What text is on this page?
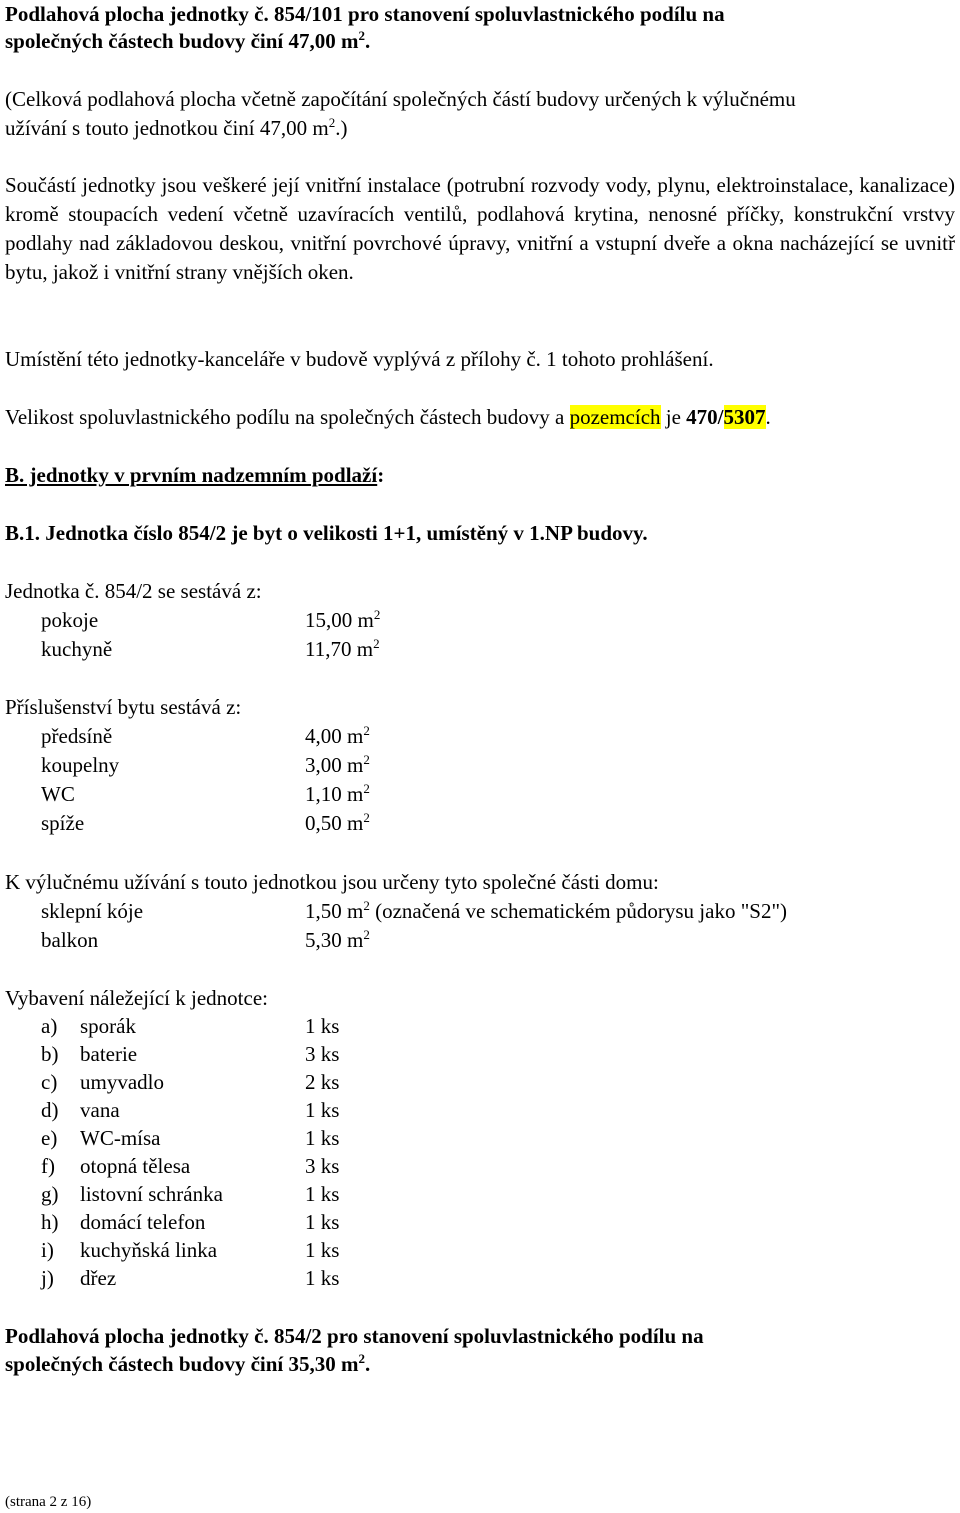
Podlahová plocha jednotky č. 854/101 pro stanovení spoluvlastnického podílu na
společných částech budovy činí 47,00 $m^2$.
(Celková podlahová plocha včetně započítání společných částí budovy určených k výlučnému
užívání s touto jednotkou činí 47,00 $m^2$.)
Součástí jednotky jsou veškeré její vnitřní instalace (potrubní rozvody vody, plynu, elektroinstalace, kanalizace) kromě stoupacích vedení včetně uzavíracích ventilů, podlahová krytina, nenosné příčky, konstrukční vrstvy podlahy nad základovou deskou, vnitřní povrchové úpravy, vnitřní a vstupní dveře a okna nacházející se uvnitř bytu, jakož i vnitřní strany vnějších oken.
Umístění této jednotky-kanceláře v budově vyplývá z přílohy č. 1 tohoto prohlášení.
Velikost spoluvlastnického podílu na společných částech budovy a pozemcích je 470/5307.
B. jednotky v prvním nadzemním podlaží:
B.1. Jednotka číslo 854/2 je byt o velikosti 1+1, umístěný v 1.NP budovy.
Jednotka č. 854/2 se sestává z:
pokoje	15,00 $m^2$
kuchyně	11,70 $m^2$
Příslušenství bytu sestává z:
předsíně	4,00 $m^2$
koupelny	3,00 $m^2$
WC	1,10 $m^2$
spíže	0,50 $m^2$
K výlučnému užívání s touto jednotkou jsou určeny tyto společné části domu:
sklepní kóje	1,50 $m^2$ (označená ve schematickém půdorysu jako "S2")
balkon	5,30 $m^2$
Vybavení náležející k jednotce:
a) sporák	1 ks
b) baterie	3 ks
c) umyvadlo	2 ks
d) vana	1 ks
e) WC-mísa	1 ks
f) otopná tělesa	3 ks
g) listovní schránka	1 ks
h) domácí telefon	1 ks
i) kuchyňská linka	1 ks
j) dřez	1 ks
Podlahová plocha jednotky č. 854/2 pro stanovení spoluvlastnického podílu na
společných částech budovy činí 35,30 $m^2$.
(strana 2 z 16)
